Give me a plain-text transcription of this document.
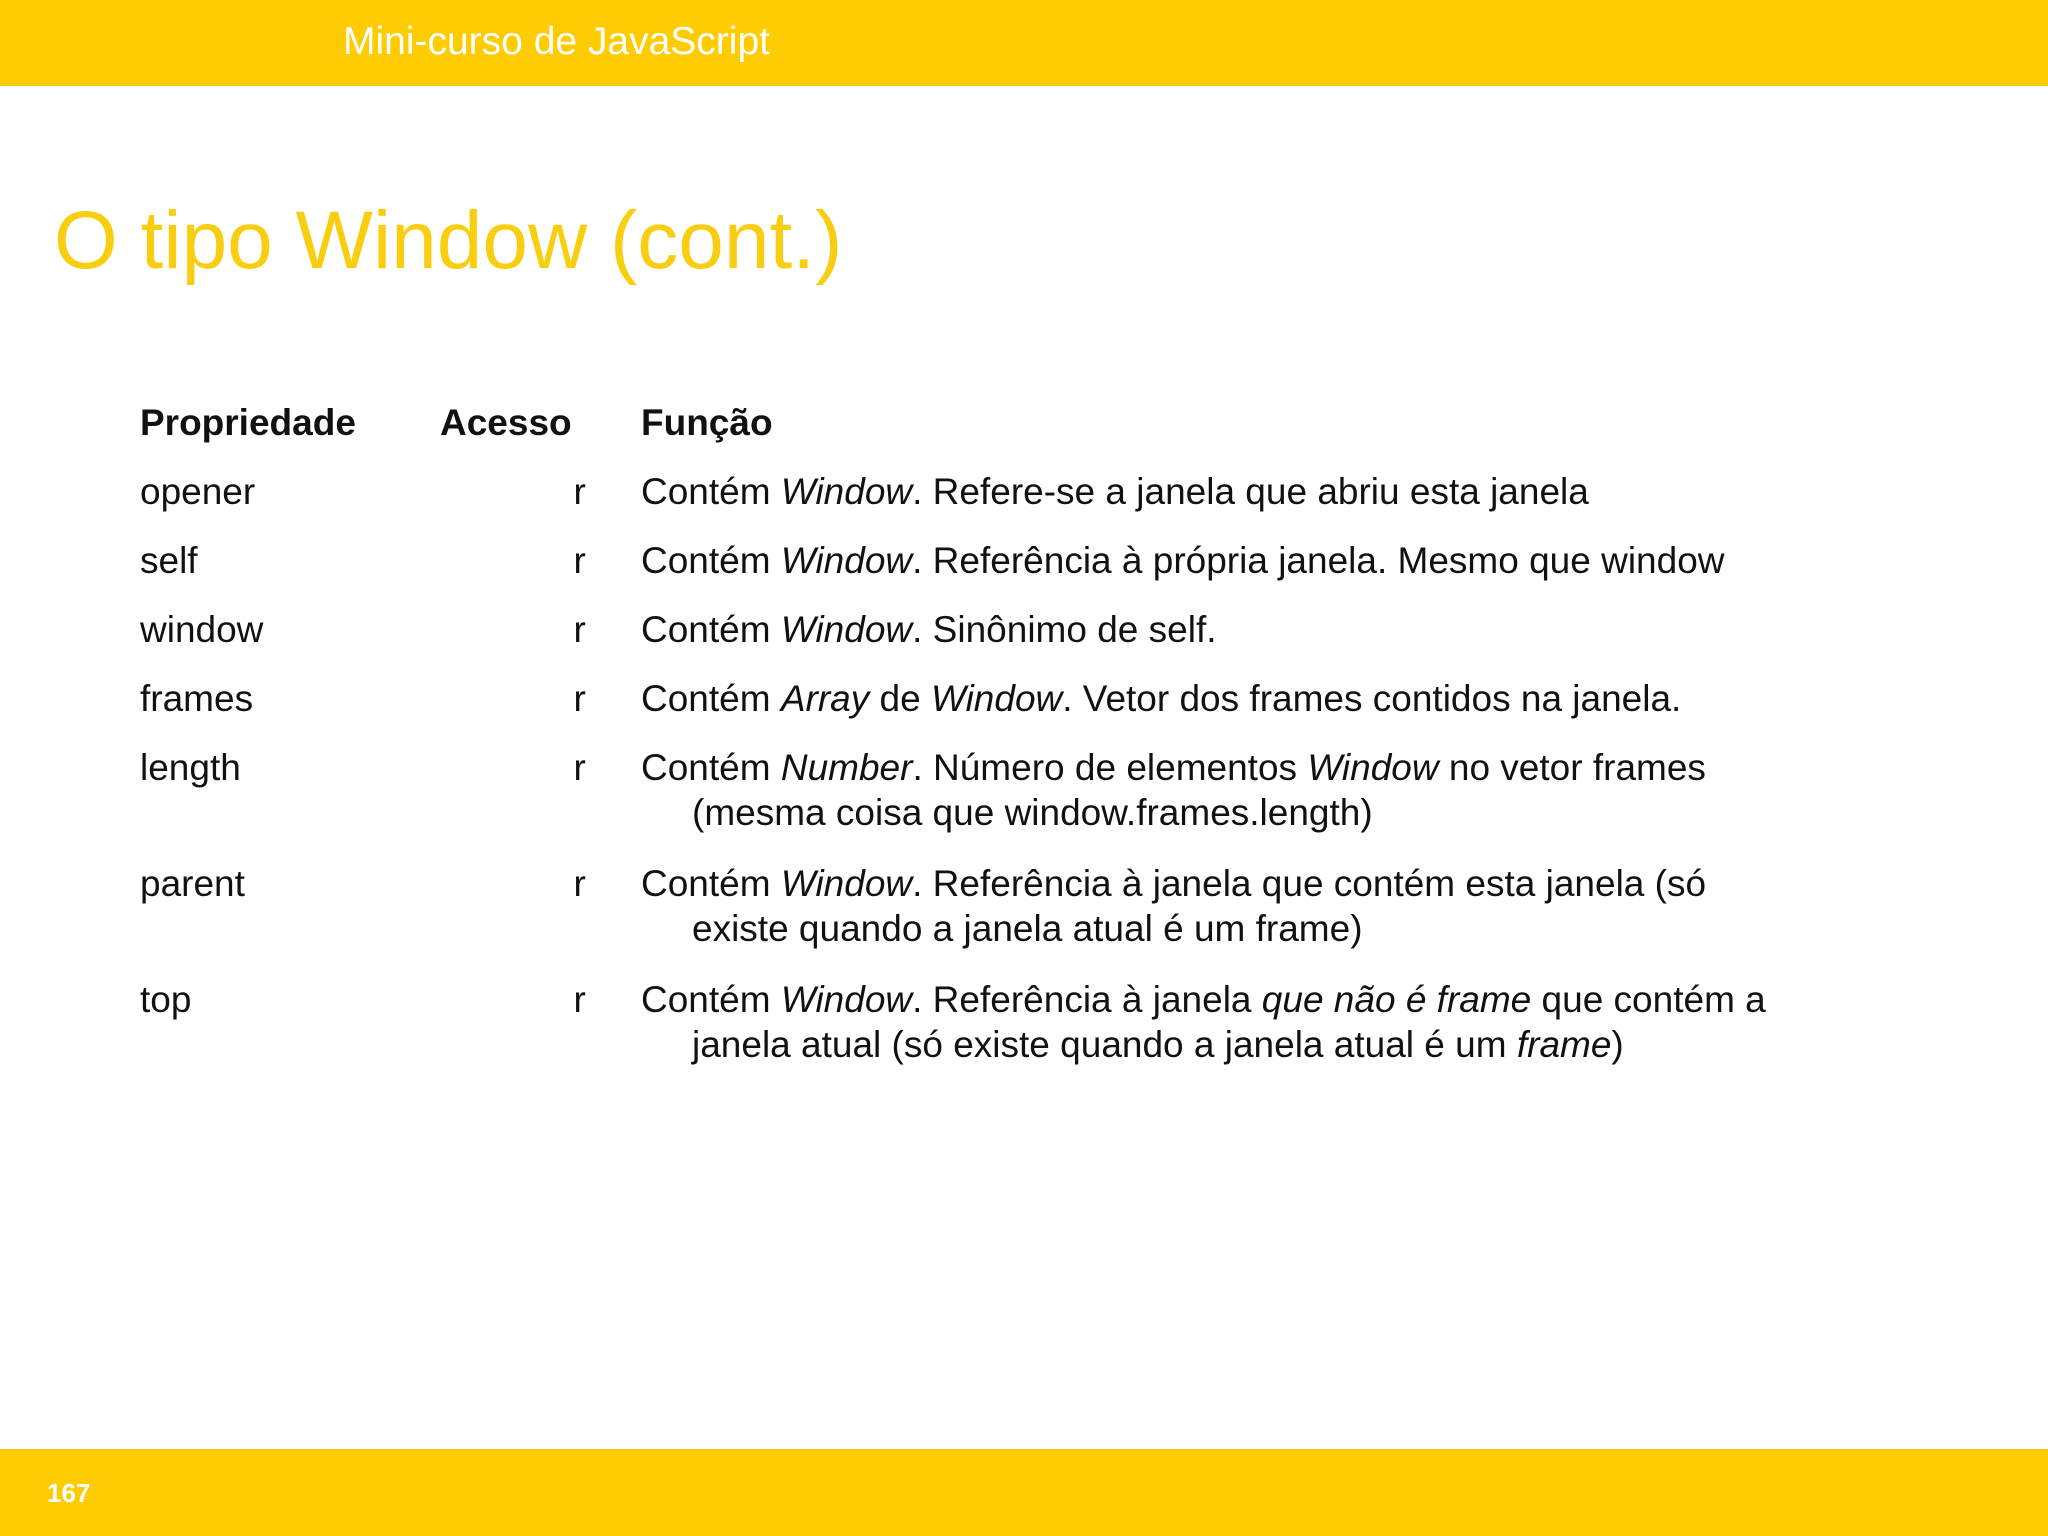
Mini-curso de JavaScript
O tipo Window (cont.)
Propriedade	Acesso	Função
opener	r	Contém Window. Refere-se a janela que abriu esta janela
self	r	Contém Window. Referência à própria janela. Mesmo que window
window	r	Contém Window. Sinônimo de self.
frames	r	Contém Array de Window. Vetor dos frames contidos na janela.
length	r	Contém Number. Número de elementos Window no vetor frames
(mesma coisa que window.frames.length)
parent	r	Contém Window. Referência à janela que contém esta janela (só
existe quando a janela atual é um frame)
top	r	Contém Window. Referência à janela que não é frame que contém a
janela atual (só existe quando a janela atual é um frame)
167
